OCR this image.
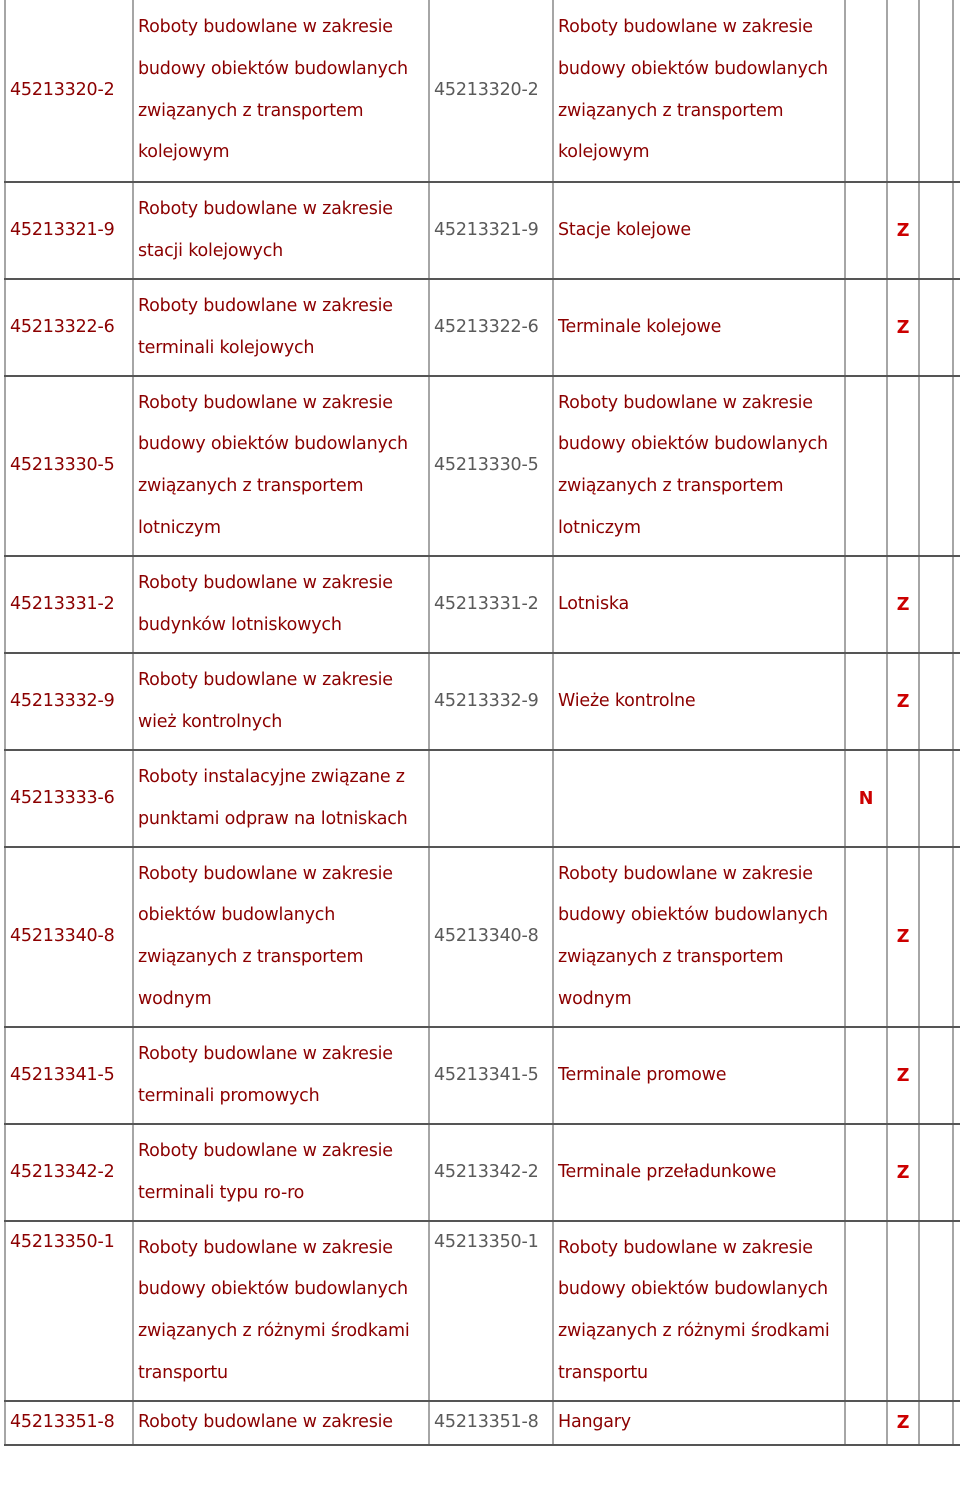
45213320-2	Roboty budowlane w zakresie
budowy obiektów budowlanych
związanych z transportem
kolejowym	45213320-2	Roboty budowlane w zakresie
budowy obiektów budowlanych
związanych z transportem
kolejowym				

45213321-9	Roboty budowlane w zakresie
stacji kolejowych	45213321-9	Stacje kolejowe		Z		

45213322-6	Roboty budowlane w zakresie
terminali kolejowych	45213322-6	Terminale kolejowe		Z		

45213330-5	Roboty budowlane w zakresie
budowy obiektów budowlanych
związanych z transportem
lotniczym	45213330-5	Roboty budowlane w zakresie
budowy obiektów budowlanych
związanych z transportem
lotniczym				

45213331-2	Roboty budowlane w zakresie
budynków lotniskowych	45213331-2	Lotniska		Z		

45213332-9	Roboty budowlane w zakresie
wież kontrolnych	45213332-9	Wieże kontrolne		Z		

45213333-6	Roboty instalacyjne związane z
punktami odpraw na lotniskach			N			

45213340-8	Roboty budowlane w zakresie
obiektów budowlanych
związanych z transportem
wodnym	45213340-8	Roboty budowlane w zakresie
budowy obiektów budowlanych
związanych z transportem
wodnym		Z		

45213341-5	Roboty budowlane w zakresie
terminali promowych	45213341-5	Terminale promowe		Z		

45213342-2	Roboty budowlane w zakresie
terminali typu ro-ro	45213342-2	Terminale przeładunkowe		Z		

45213350-1	Roboty budowlane w zakresie
budowy obiektów budowlanych
związanych z różnymi środkami
transportu	45213350-1	Roboty budowlane w zakresie
budowy obiektów budowlanych
związanych z różnymi środkami
transportu				

45213351-8	Roboty budowlane w zakresie	45213351-8	Hangary		Z		
